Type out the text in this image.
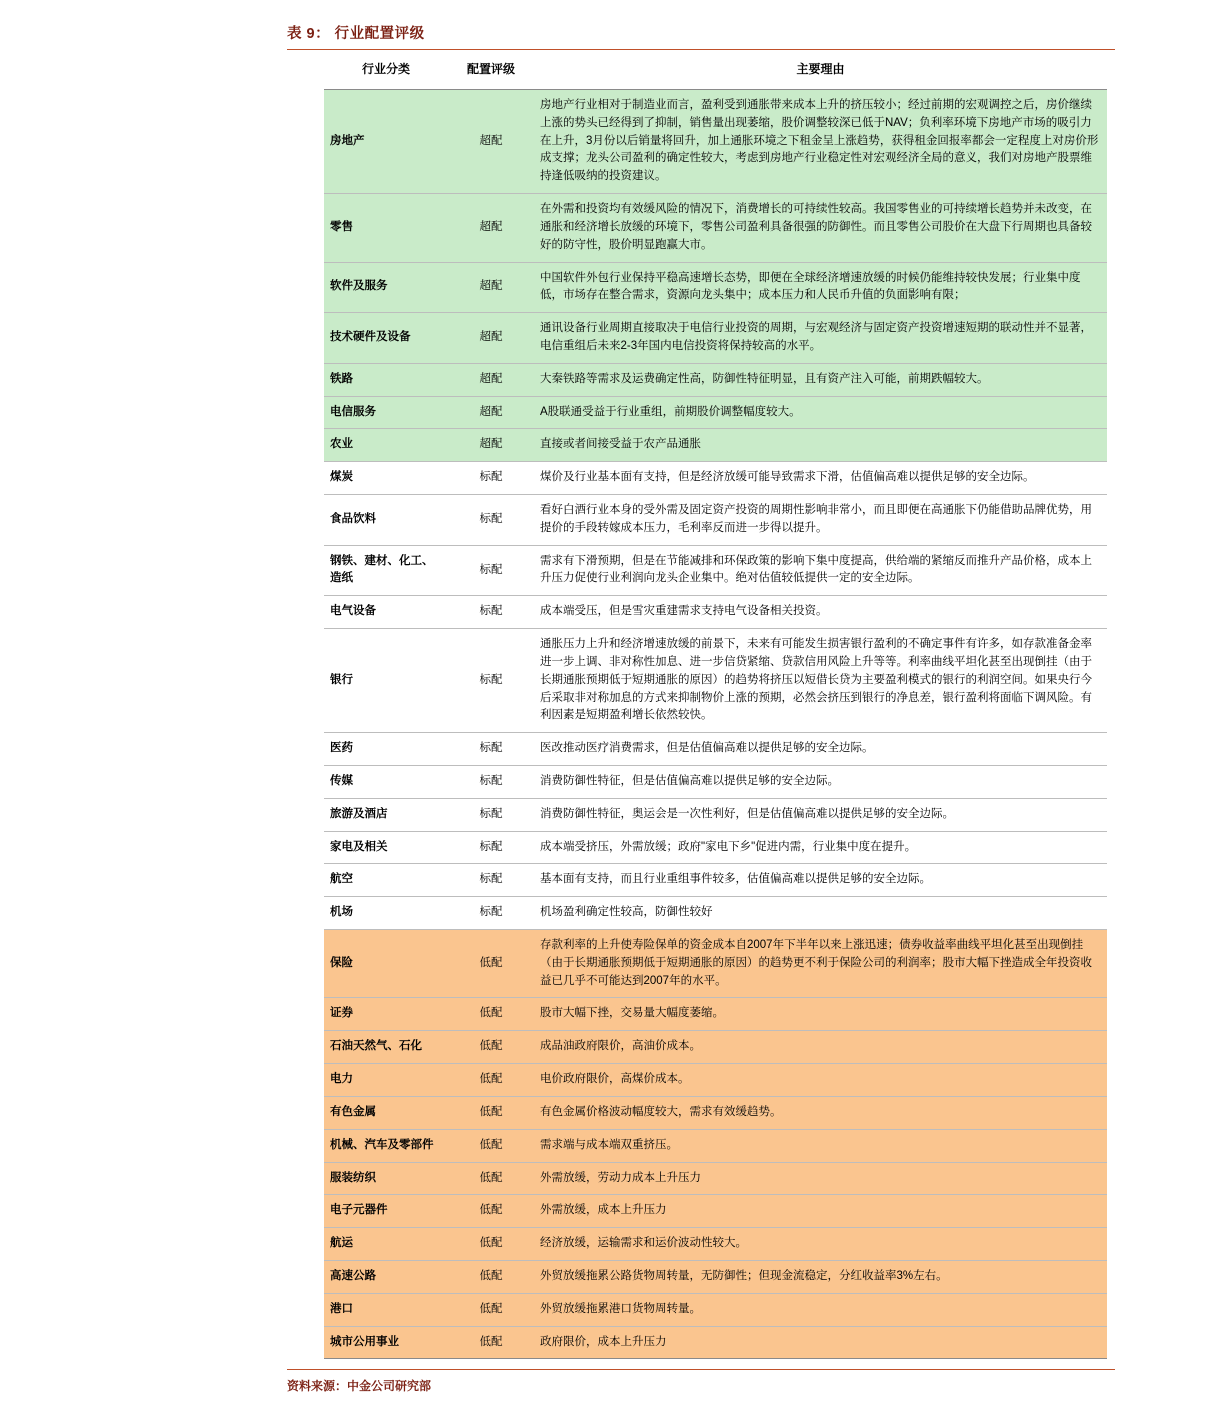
表 9： 行业配置评级
行业分类	配置评级	主要理由
房地产	超配	房地产行业相对于制造业而言，盈利受到通胀带来成本上升的挤压较小；经过前期的宏观调控之后，房价继续上涨的势头已经得到了抑制，销售量出现萎缩，股价调整较深已低于NAV；负利率环境下房地产市场的吸引力在上升，3月份以后销量将回升，加上通胀环境之下租金呈上涨趋势，获得租金回报率都会一定程度上对房价形成支撑；龙头公司盈利的确定性较大，考虑到房地产行业稳定性对宏观经济全局的意义，我们对房地产股票维持逢低吸纳的投资建议。
零售	超配	在外需和投资均有效缓风险的情况下，消费增长的可持续性较高。我国零售业的可持续增长趋势并未改变，在通胀和经济增长放缓的环境下，零售公司盈利具备很强的防御性。而且零售公司股价在大盘下行周期也具备较好的防守性，股价明显跑赢大市。
软件及服务	超配	中国软件外包行业保持平稳高速增长态势，即便在全球经济增速放缓的时候仍能维持较快发展；行业集中度低，市场存在整合需求，资源向龙头集中；成本压力和人民币升值的负面影响有限；
技术硬件及设备	超配	通讯设备行业周期直接取决于电信行业投资的周期，与宏观经济与固定资产投资增速短期的联动性并不显著，电信重组后未来2-3年国内电信投资将保持较高的水平。
铁路	超配	大秦铁路等需求及运费确定性高，防御性特征明显，且有资产注入可能，前期跌幅较大。
电信服务	超配	A股联通受益于行业重组，前期股价调整幅度较大。
农业	超配	直接或者间接受益于农产品通胀
煤炭	标配	煤价及行业基本面有支持，但是经济放缓可能导致需求下滑，估值偏高难以提供足够的安全边际。
食品饮料	标配	看好白酒行业本身的受外需及固定资产投资的周期性影响非常小，而且即便在高通胀下仍能借助品牌优势，用提价的手段转嫁成本压力，毛利率反而进一步得以提升。
钢铁、建材、化工、造纸	标配	需求有下滑预期，但是在节能减排和环保政策的影响下集中度提高，供给端的紧缩反而推升产品价格，成本上升压力促使行业利润向龙头企业集中。绝对估值较低提供一定的安全边际。
电气设备	标配	成本端受压，但是雪灾重建需求支持电气设备相关投资。
银行	标配	通胀压力上升和经济增速放缓的前景下，未来有可能发生损害银行盈利的不确定事件有许多，如存款准备金率进一步上调、非对称性加息、进一步信贷紧缩、贷款信用风险上升等等。利率曲线平坦化甚至出现倒挂（由于长期通胀预期低于短期通胀的原因）的趋势将挤压以短借长贷为主要盈利模式的银行的利润空间。如果央行今后采取非对称加息的方式来抑制物价上涨的预期，必然会挤压到银行的净息差，银行盈利将面临下调风险。有利因素是短期盈利增长依然较快。
医药	标配	医改推动医疗消费需求，但是估值偏高难以提供足够的安全边际。
传媒	标配	消费防御性特征，但是估值偏高难以提供足够的安全边际。
旅游及酒店	标配	消费防御性特征，奥运会是一次性利好，但是估值偏高难以提供足够的安全边际。
家电及相关	标配	成本端受挤压，外需放缓；政府"家电下乡"促进内需，行业集中度在提升。
航空	标配	基本面有支持，而且行业重组事件较多，估值偏高难以提供足够的安全边际。
机场	标配	机场盈利确定性较高，防御性较好
保险	低配	存款利率的上升使寿险保单的资金成本自2007年下半年以来上涨迅速；债券收益率曲线平坦化甚至出现倒挂（由于长期通胀预期低于短期通胀的原因）的趋势更不利于保险公司的利润率；股市大幅下挫造成全年投资收益已几乎不可能达到2007年的水平。
证券	低配	股市大幅下挫，交易量大幅度萎缩。
石油天然气、石化	低配	成品油政府限价，高油价成本。
电力	低配	电价政府限价，高煤价成本。
有色金属	低配	有色金属价格波动幅度较大，需求有效缓趋势。
机械、汽车及零部件	低配	需求端与成本端双重挤压。
服装纺织	低配	外需放缓，劳动力成本上升压力
电子元器件	低配	外需放缓，成本上升压力
航运	低配	经济放缓，运输需求和运价波动性较大。
高速公路	低配	外贸放缓拖累公路货物周转量，无防御性；但现金流稳定，分红收益率3%左右。
港口	低配	外贸放缓拖累港口货物周转量。
城市公用事业	低配	政府限价，成本上升压力
资料来源：中金公司研究部
